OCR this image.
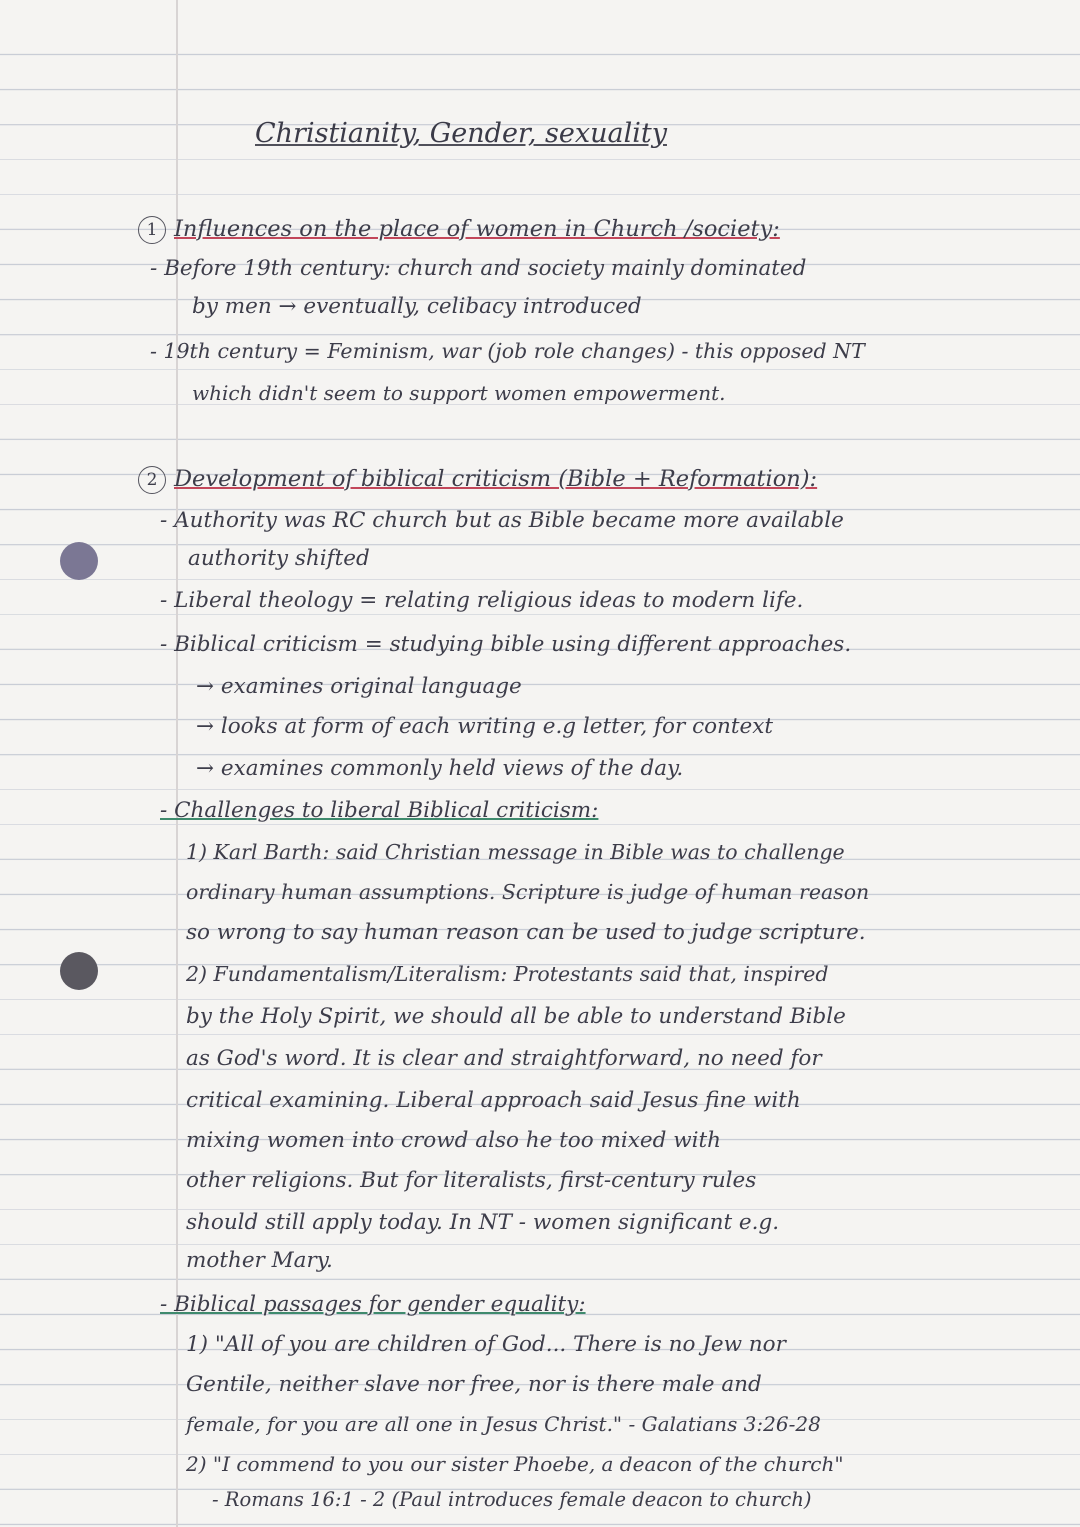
Christianity, Gender, sexuality
1 Influences on the place of women in Church /society:
- Before 19th century: church and society mainly dominated
by men → eventually, celibacy introduced
- 19th century = Feminism, war (job role changes) - this opposed NT
which didn't seem to support women empowerment.
2 Development of biblical criticism (Bible + Reformation):
- Authority was RC church but as Bible became more available
authority shifted
- Liberal theology = relating religious ideas to modern life.
- Biblical criticism = studying bible using different approaches.
→ examines original language
→ looks at form of each writing e.g letter, for context
→ examines commonly held views of the day.
- Challenges to liberal Biblical criticism:
1) Karl Barth: said Christian message in Bible was to challenge
ordinary human assumptions. Scripture is judge of human reason
so wrong to say human reason can be used to judge scripture.
2) Fundamentalism/Literalism: Protestants said that, inspired
by the Holy Spirit, we should all be able to understand Bible
as God's word. It is clear and straightforward, no need for
critical examining. Liberal approach said Jesus fine with
mixing women into crowd also he too mixed with
other religions. But for literalists, first-century rules
should still apply today. In NT - women significant e.g.
mother Mary.
- Biblical passages for gender equality:
1) "All of you are children of God... There is no Jew nor
Gentile, neither slave nor free, nor is there male and
female, for you are all one in Jesus Christ." - Galatians 3:26-28
2) "I commend to you our sister Phoebe, a deacon of the church"
- Romans 16:1 - 2 (Paul introduces female deacon to church)
